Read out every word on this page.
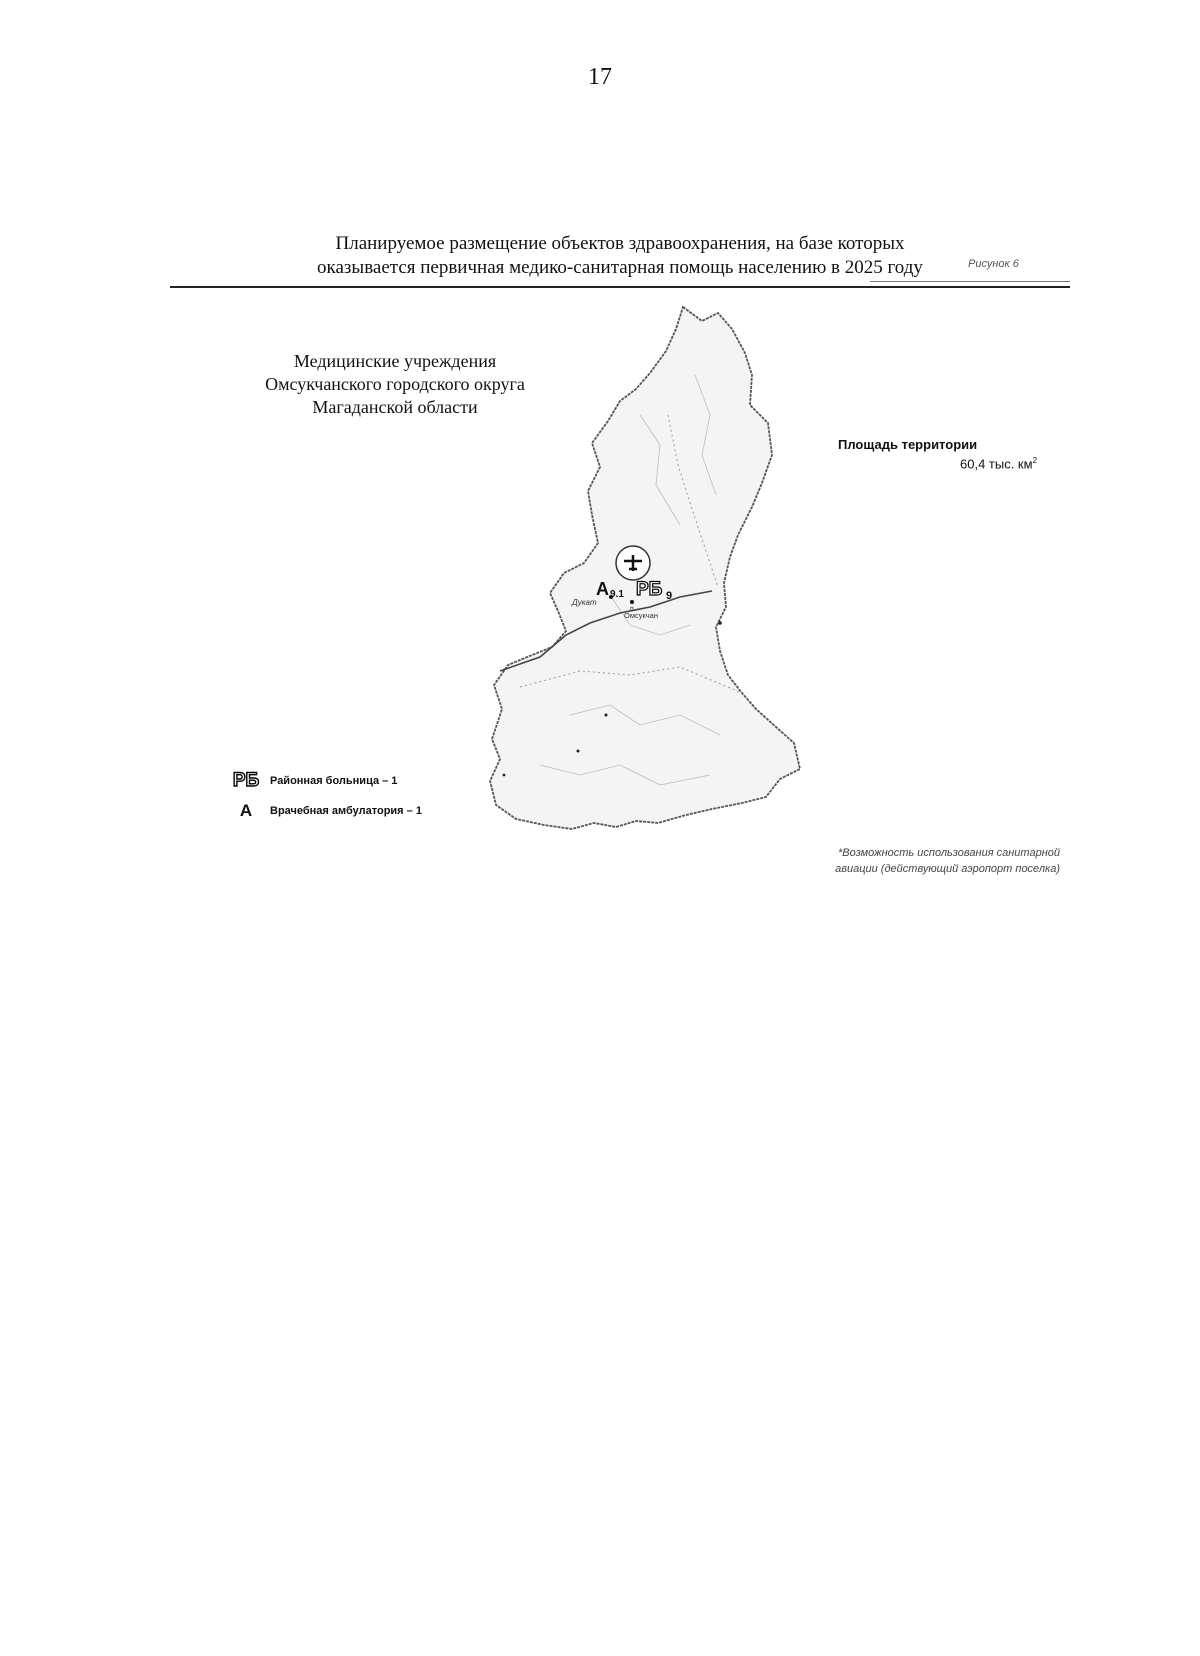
17
Планируемое размещение объектов здравоохранения, на базе которых
оказывается первичная медико-санитарная помощь населению в 2025 году	Рисунок 6
Медицинские учреждения
Омсукчанского городского округа
Магаданской области
Площадь территории
60,4 тыс. $км^2$
А 9.1 РБ 9
Дукат
п.
Омсукчан
РБ Районная больница – 1
А	Врачебная амбулатория – 1
*Возможность использования санитарной
авиации (действующий аэропорт поселка)
